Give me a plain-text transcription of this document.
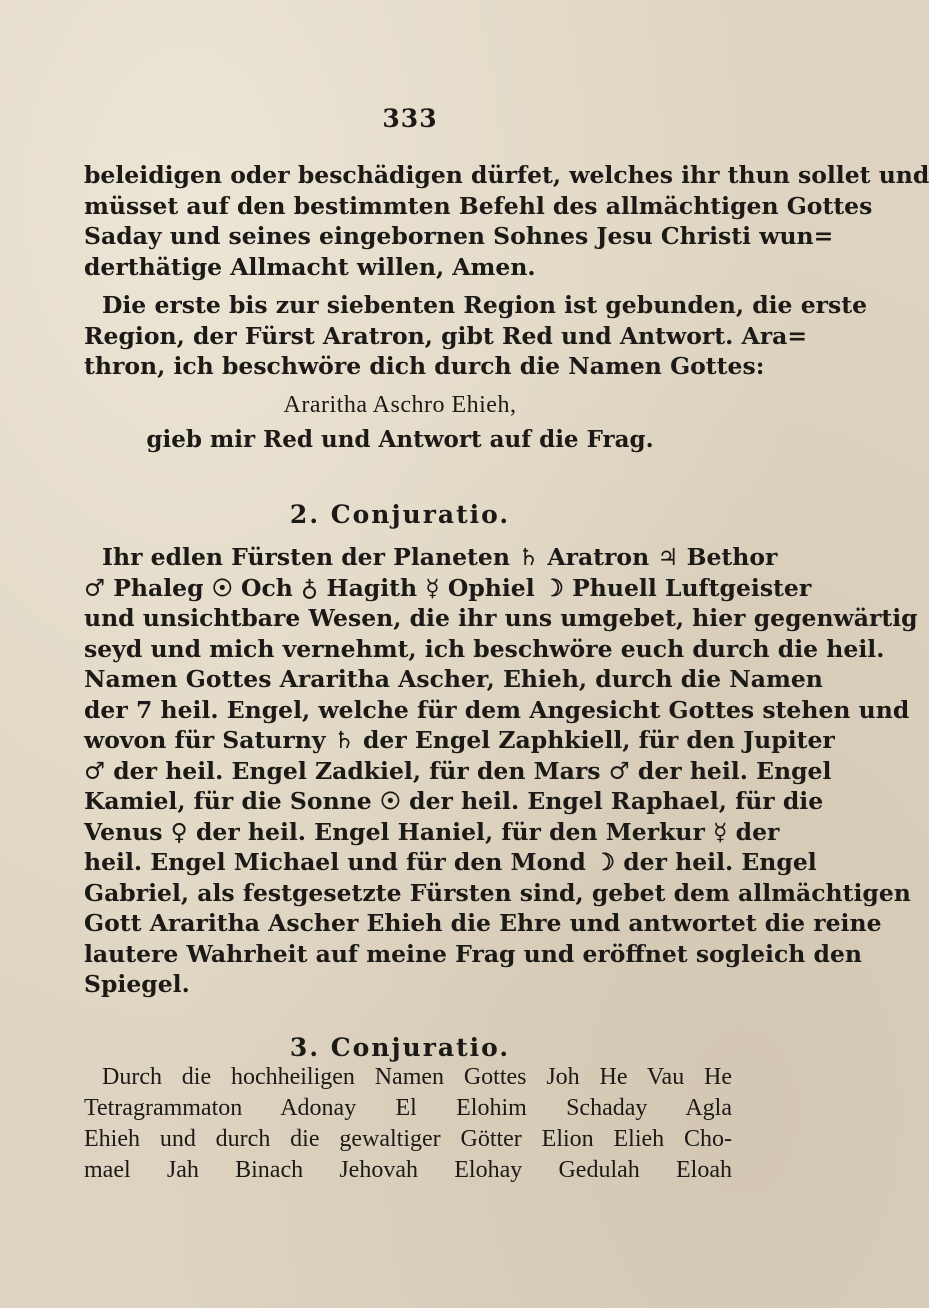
333
beleidigen oder beschädigen dürfet, welches ihr thun sollet und
müsset auf den bestimmten Befehl des allmächtigen Gottes
Saday und seines eingebornen Sohnes Jesu Christi wun=
derthätige Allmacht willen, Amen.
Die erste bis zur siebenten Region ist gebunden, die erste
Region, der Fürst Aratron, gibt Red und Antwort. Ara=
thron, ich beschwöre dich durch die Namen Gottes:
Araritha Aschro Ehieh,
gieb mir Red und Antwort auf die Frag.
2. Conjuratio.
Ihr edlen Fürsten der Planeten ♄ Aratron ♃ Bethor
♂ Phaleg ☉ Och ♁ Hagith ☿ Ophiel ☽ Phuell Luftgeister
und unsichtbare Wesen, die ihr uns umgebet, hier gegenwärtig
seyd und mich vernehmt, ich beschwöre euch durch die heil.
Namen Gottes Araritha Ascher, Ehieh, durch die Namen
der 7 heil. Engel, welche für dem Angesicht Gottes stehen und
wovon für Saturny ♄ der Engel Zaphkiell, für den Jupiter
♂ der heil. Engel Zadkiel, für den Mars ♂ der heil. Engel
Kamiel, für die Sonne ☉ der heil. Engel Raphael, für die
Venus ♀ der heil. Engel Haniel, für den Merkur ☿ der
heil. Engel Michael und für den Mond ☽ der heil. Engel
Gabriel, als festgesetzte Fürsten sind, gebet dem allmächtigen
Gott Araritha Ascher Ehieh die Ehre und antwortet die reine
lautere Wahrheit auf meine Frag und eröffnet sogleich den
Spiegel.
3. Conjuratio.
Durch die hochheiligen Namen Gottes Joh He Vau He
Tetragrammaton Adonay El Elohim Schaday Agla
Ehieh und durch die gewaltiger Götter Elion Elieh Cho-
mael Jah Binach Jehovah Elohay Gedulah Eloah
